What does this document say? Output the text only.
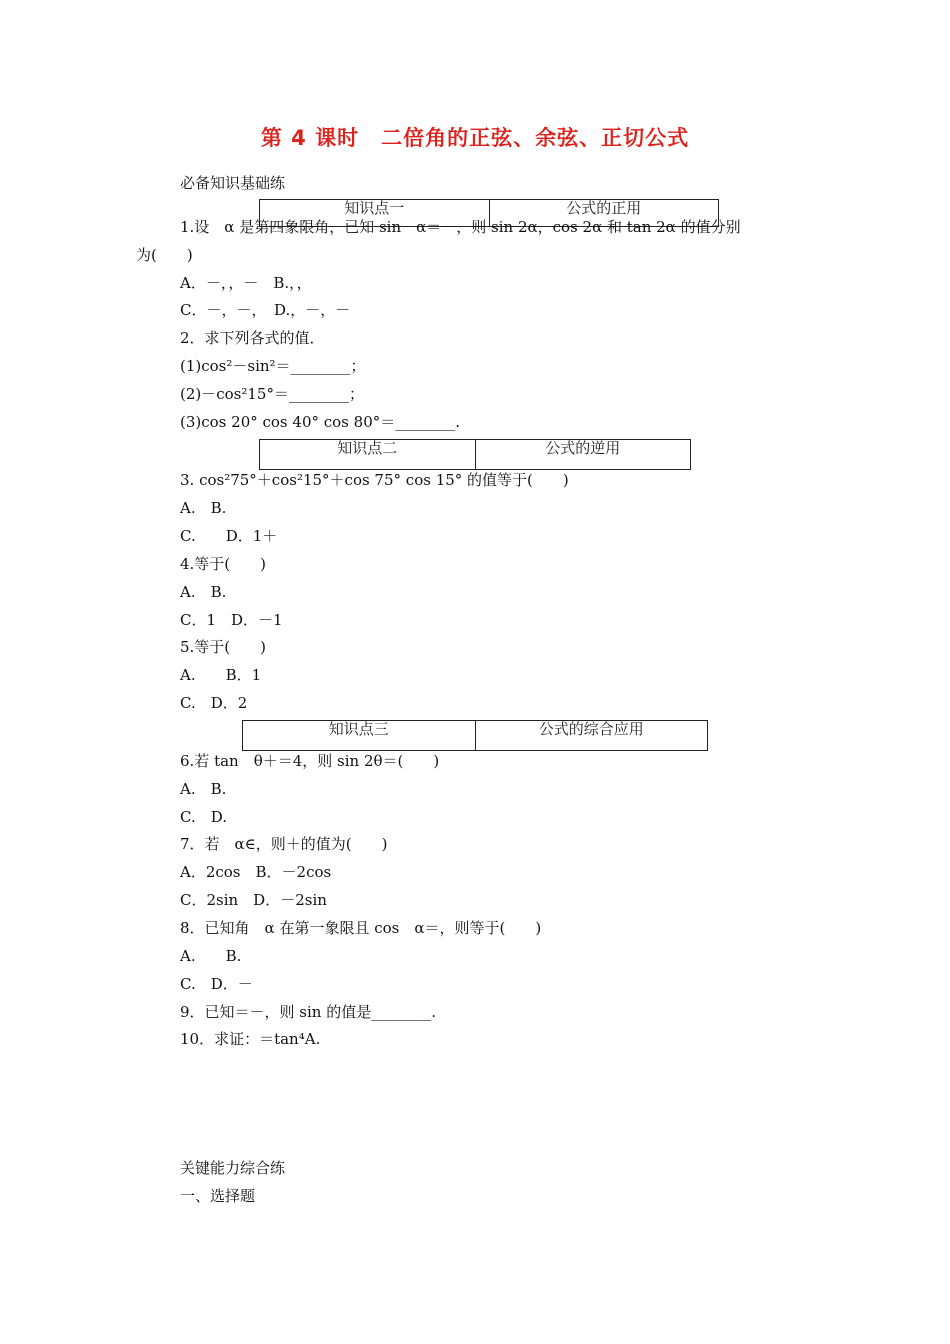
第 4 课时　二倍角的正弦、余弦、正切公式
必备知识基础练
知识点一	公式的正用
1.设　α 是第四象限角，已知 sin　α＝－，则 sin 2α，cos 2α 和 tan 2α 的值分别
为(　　)
A．－，，－　B.，，
C．－，－，　D.，－，－
2．求下列各式的值．
(1)cos²－sin²＝________；
(2)－cos²15°＝________；
(3)cos 20° cos 40° cos 80°＝________.
知识点二	公式的逆用
3. cos²75°＋cos²15°＋cos 75° cos 15° 的值等于(　　)
A.　B.
C.　　D．1＋
4.等于(　　)
A.　B.
C．1　D．－1
5.等于(　　)
A.　　B．1
C.　D．2
知识点三	公式的综合应用
6.若 tan　θ＋＝4，则 sin 2θ＝(　　)
A.　B.
C.　D.
7．若　α∈，则＋的值为(　　)
A．2cos　B．－2cos
C．2sin　D．－2sin
8．已知角　α 在第一象限且 cos　α＝，则等于(　　)
A.　　B.
C.　D．－
9．已知＝－，则 sin 的值是________.
10．求证：＝tan⁴A.
关键能力综合练
一、选择题
